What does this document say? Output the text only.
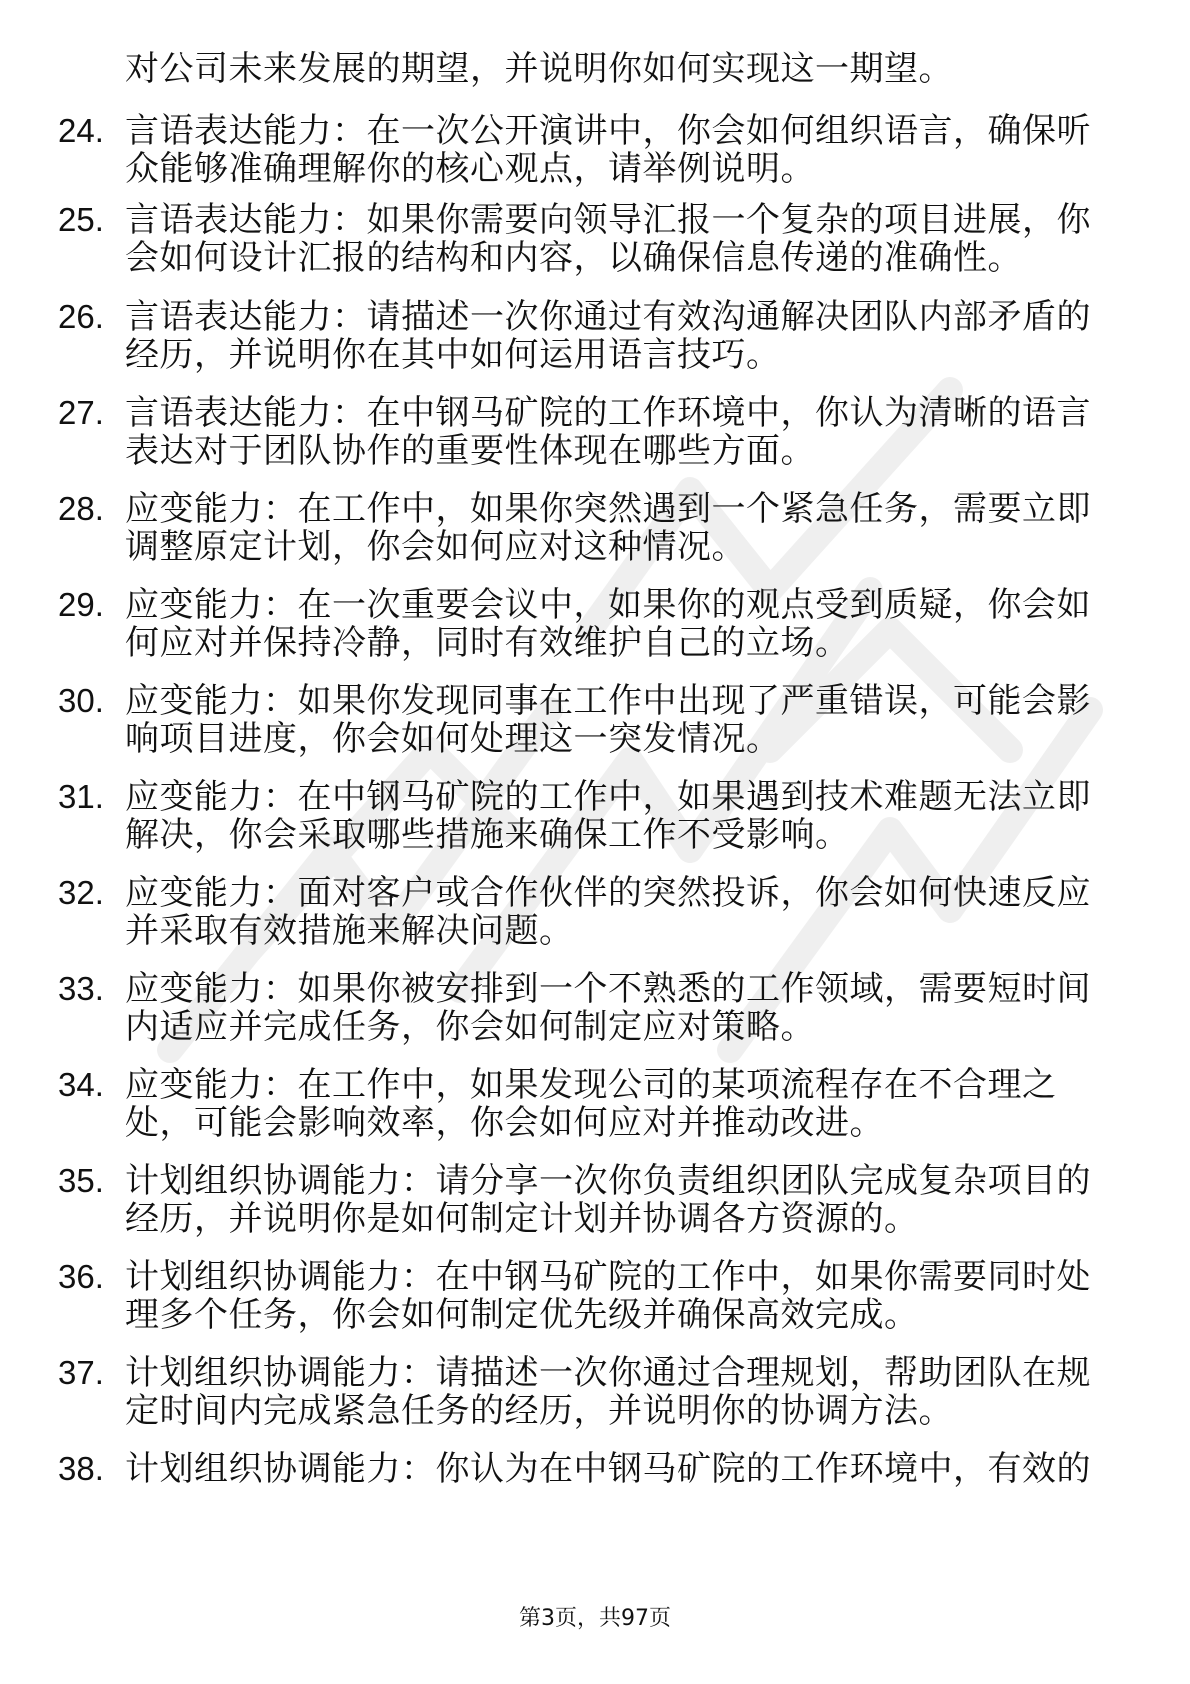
对公司未来发展的期望，并说明你如何实现这一期望。
24. 言语表达能力：在一次公开演讲中，你会如何组织语言，确保听
众能够准确理解你的核心观点，请举例说明。
25. 言语表达能力：如果你需要向领导汇报一个复杂的项目进展，你
会如何设计汇报的结构和内容，以确保信息传递的准确性。
26. 言语表达能力：请描述一次你通过有效沟通解决团队内部矛盾的
经历，并说明你在其中如何运用语言技巧。
27. 言语表达能力：在中钢马矿院的工作环境中，你认为清晰的语言
表达对于团队协作的重要性体现在哪些方面。
28. 应变能力：在工作中，如果你突然遇到一个紧急任务，需要立即
调整原定计划，你会如何应对这种情况。
29. 应变能力：在一次重要会议中，如果你的观点受到质疑，你会如
何应对并保持冷静，同时有效维护自己的立场。
30. 应变能力：如果你发现同事在工作中出现了严重错误，可能会影
响项目进度，你会如何处理这一突发情况。
31. 应变能力：在中钢马矿院的工作中，如果遇到技术难题无法立即
解决，你会采取哪些措施来确保工作不受影响。
32. 应变能力：面对客户或合作伙伴的突然投诉，你会如何快速反应
并采取有效措施来解决问题。
33. 应变能力：如果你被安排到一个不熟悉的工作领域，需要短时间
内适应并完成任务，你会如何制定应对策略。
34. 应变能力：在工作中，如果发现公司的某项流程存在不合理之
处，可能会影响效率，你会如何应对并推动改进。
35. 计划组织协调能力：请分享一次你负责组织团队完成复杂项目的
经历，并说明你是如何制定计划并协调各方资源的。
36. 计划组织协调能力：在中钢马矿院的工作中，如果你需要同时处
理多个任务，你会如何制定优先级并确保高效完成。
37. 计划组织协调能力：请描述一次你通过合理规划，帮助团队在规
定时间内完成紧急任务的经历，并说明你的协调方法。
38. 计划组织协调能力：你认为在中钢马矿院的工作环境中，有效的
第3页，共97页
